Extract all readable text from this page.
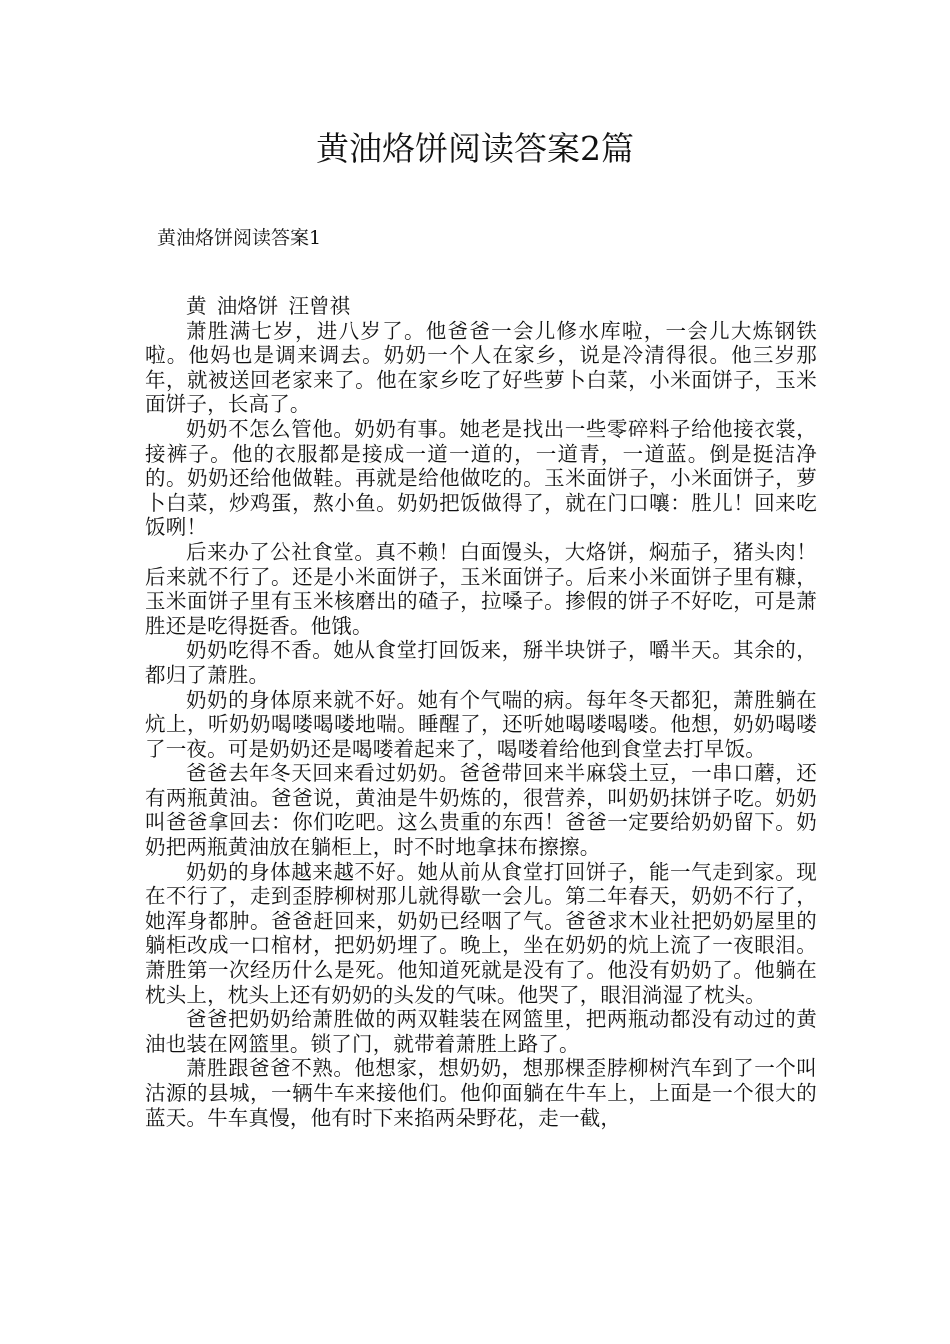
黄油烙饼阅读答案2篇
黄油烙饼阅读答案1

黄 油烙饼 汪曾祺

萧胜满七岁，进八岁了。他爸爸一会儿修水库啦，一会儿大炼钢铁啦。他妈也是调来调去。奶奶一个人在家乡，说是冷清得很。他三岁那年，就被送回老家来了。他在家乡吃了好些萝卜白菜，小米面饼子，玉米面饼子，长高了。

奶奶不怎么管他。奶奶有事。她老是找出一些零碎料子给他接衣裳，接裤子。他的衣服都是接成一道一道的，一道青，一道蓝。倒是挺洁净的。奶奶还给他做鞋。再就是给他做吃的。玉米面饼子，小米面饼子，萝卜白菜，炒鸡蛋，熬小鱼。奶奶把饭做得了，就在门口嚷：胜儿！回来吃饭咧！

后来办了公社食堂。真不赖！白面馒头，大烙饼，焖茄子，猪头肉！后来就不行了。还是小米面饼子，玉米面饼子。后来小米面饼子里有糠，玉米面饼子里有玉米核磨出的碴子，拉嗓子。掺假的饼子不好吃，可是萧胜还是吃得挺香。他饿。

奶奶吃得不香。她从食堂打回饭来，掰半块饼子，嚼半天。其余的，都归了萧胜。

奶奶的身体原来就不好。她有个气喘的病。每年冬天都犯，萧胜躺在炕上，听奶奶喝喽喝喽地喘。睡醒了，还听她喝喽喝喽。他想，奶奶喝喽了一夜。可是奶奶还是喝喽着起来了，喝喽着给他到食堂去打早饭。

爸爸去年冬天回来看过奶奶。爸爸带回来半麻袋土豆，一串口蘑，还有两瓶黄油。爸爸说，黄油是牛奶炼的，很营养，叫奶奶抹饼子吃。奶奶叫爸爸拿回去：你们吃吧。这么贵重的东西！爸爸一定要给奶奶留下。奶奶把两瓶黄油放在躺柜上，时不时地拿抹布擦擦。

奶奶的身体越来越不好。她从前从食堂打回饼子，能一气走到家。现在不行了，走到歪脖柳树那儿就得歇一会儿。第二年春天，奶奶不行了，她浑身都肿。爸爸赶回来，奶奶已经咽了气。爸爸求木业社把奶奶屋里的躺柜改成一口棺材，把奶奶埋了。晚上，坐在奶奶的炕上流了一夜眼泪。萧胜第一次经历什么是死。他知道死就是没有了。他没有奶奶了。他躺在枕头上，枕头上还有奶奶的头发的气味。他哭了，眼泪淌湿了枕头。

爸爸把奶奶给萧胜做的两双鞋装在网篮里，把两瓶动都没有动过的黄油也装在网篮里。锁了门，就带着萧胜上路了。

萧胜跟爸爸不熟。他想家，想奶奶，想那棵歪脖柳树汽车到了一个叫沽源的县城，一辆牛车来接他们。他仰面躺在牛车上，上面是一个很大的蓝天。牛车真慢，他有时下来掐两朵野花，走一截，
